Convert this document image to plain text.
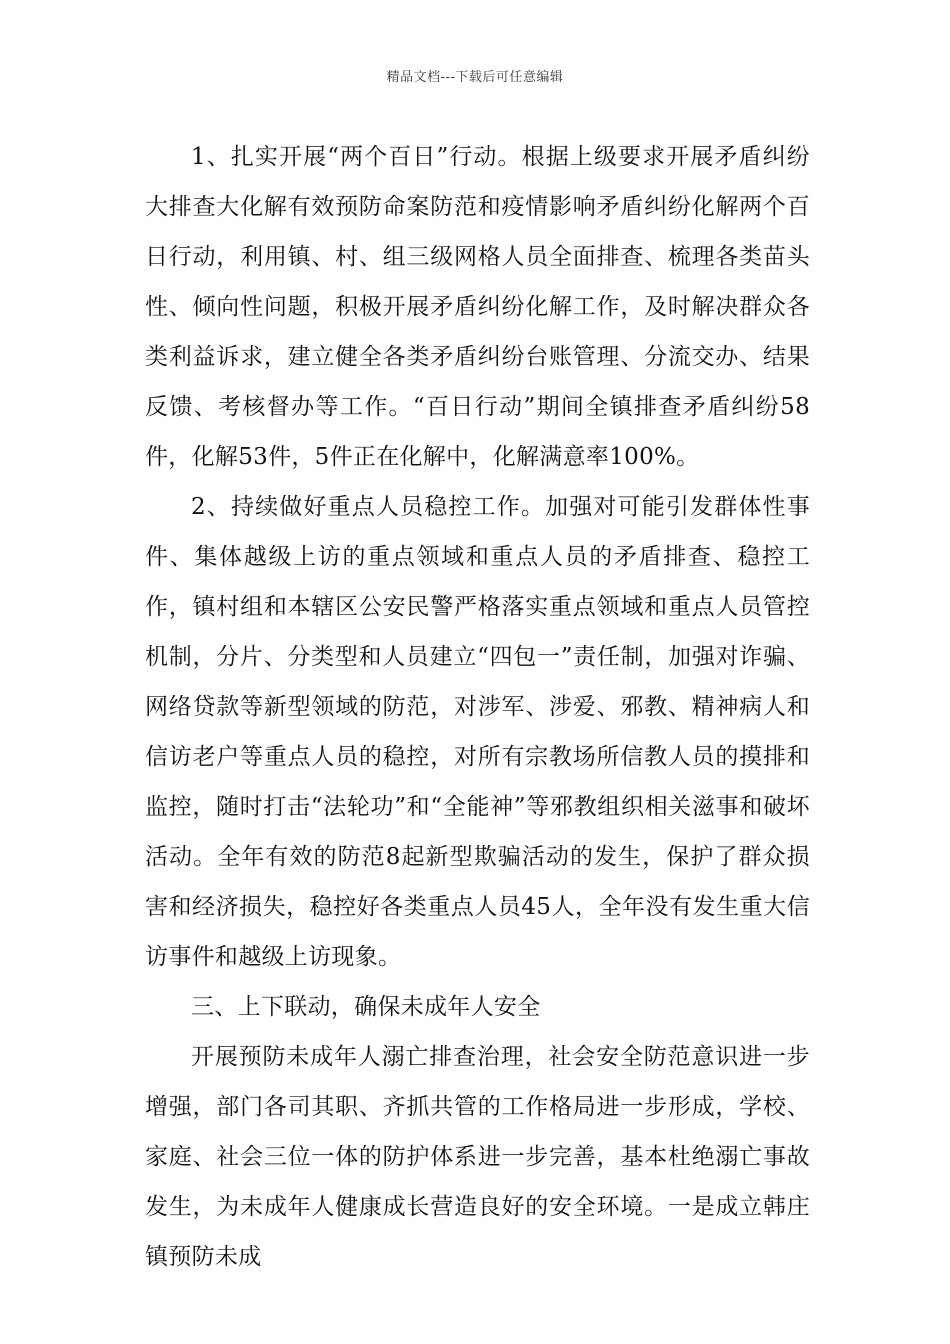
精品文档---下载后可任意编辑

1、扎实开展“两个百日”行动。根据上级要求开展矛盾纠纷大排查大化解有效预防命案防范和疫情影响矛盾纠纷化解两个百日行动，利用镇、村、组三级网格人员全面排查、梳理各类苗头性、倾向性问题，积极开展矛盾纠纷化解工作，及时解决群众各类利益诉求，建立健全各类矛盾纠纷台账管理、分流交办、结果反馈、考核督办等工作。“百日行动”期间全镇排查矛盾纠纷58件，化解53件，5件正在化解中，化解满意率100%。

2、持续做好重点人员稳控工作。加强对可能引发群体性事件、集体越级上访的重点领域和重点人员的矛盾排查、稳控工作，镇村组和本辖区公安民警严格落实重点领域和重点人员管控机制，分片、分类型和人员建立“四包一”责任制，加强对诈骗、网络贷款等新型领域的防范，对涉军、涉爱、邪教、精神病人和信访老户等重点人员的稳控，对所有宗教场所信教人员的摸排和监控，随时打击“法轮功”和“全能神”等邪教组织相关滋事和破坏活动。全年有效的防范8起新型欺骗活动的发生，保护了群众损害和经济损失，稳控好各类重点人员45人，全年没有发生重大信访事件和越级上访现象。

三、上下联动，确保未成年人安全

开展预防未成年人溺亡排查治理，社会安全防范意识进一步增强，部门各司其职、齐抓共管的工作格局进一步形成，学校、家庭、社会三位一体的防护体系进一步完善，基本杜绝溺亡事故发生，为未成年人健康成长营造良好的安全环境。一是成立韩庄镇预防未成
